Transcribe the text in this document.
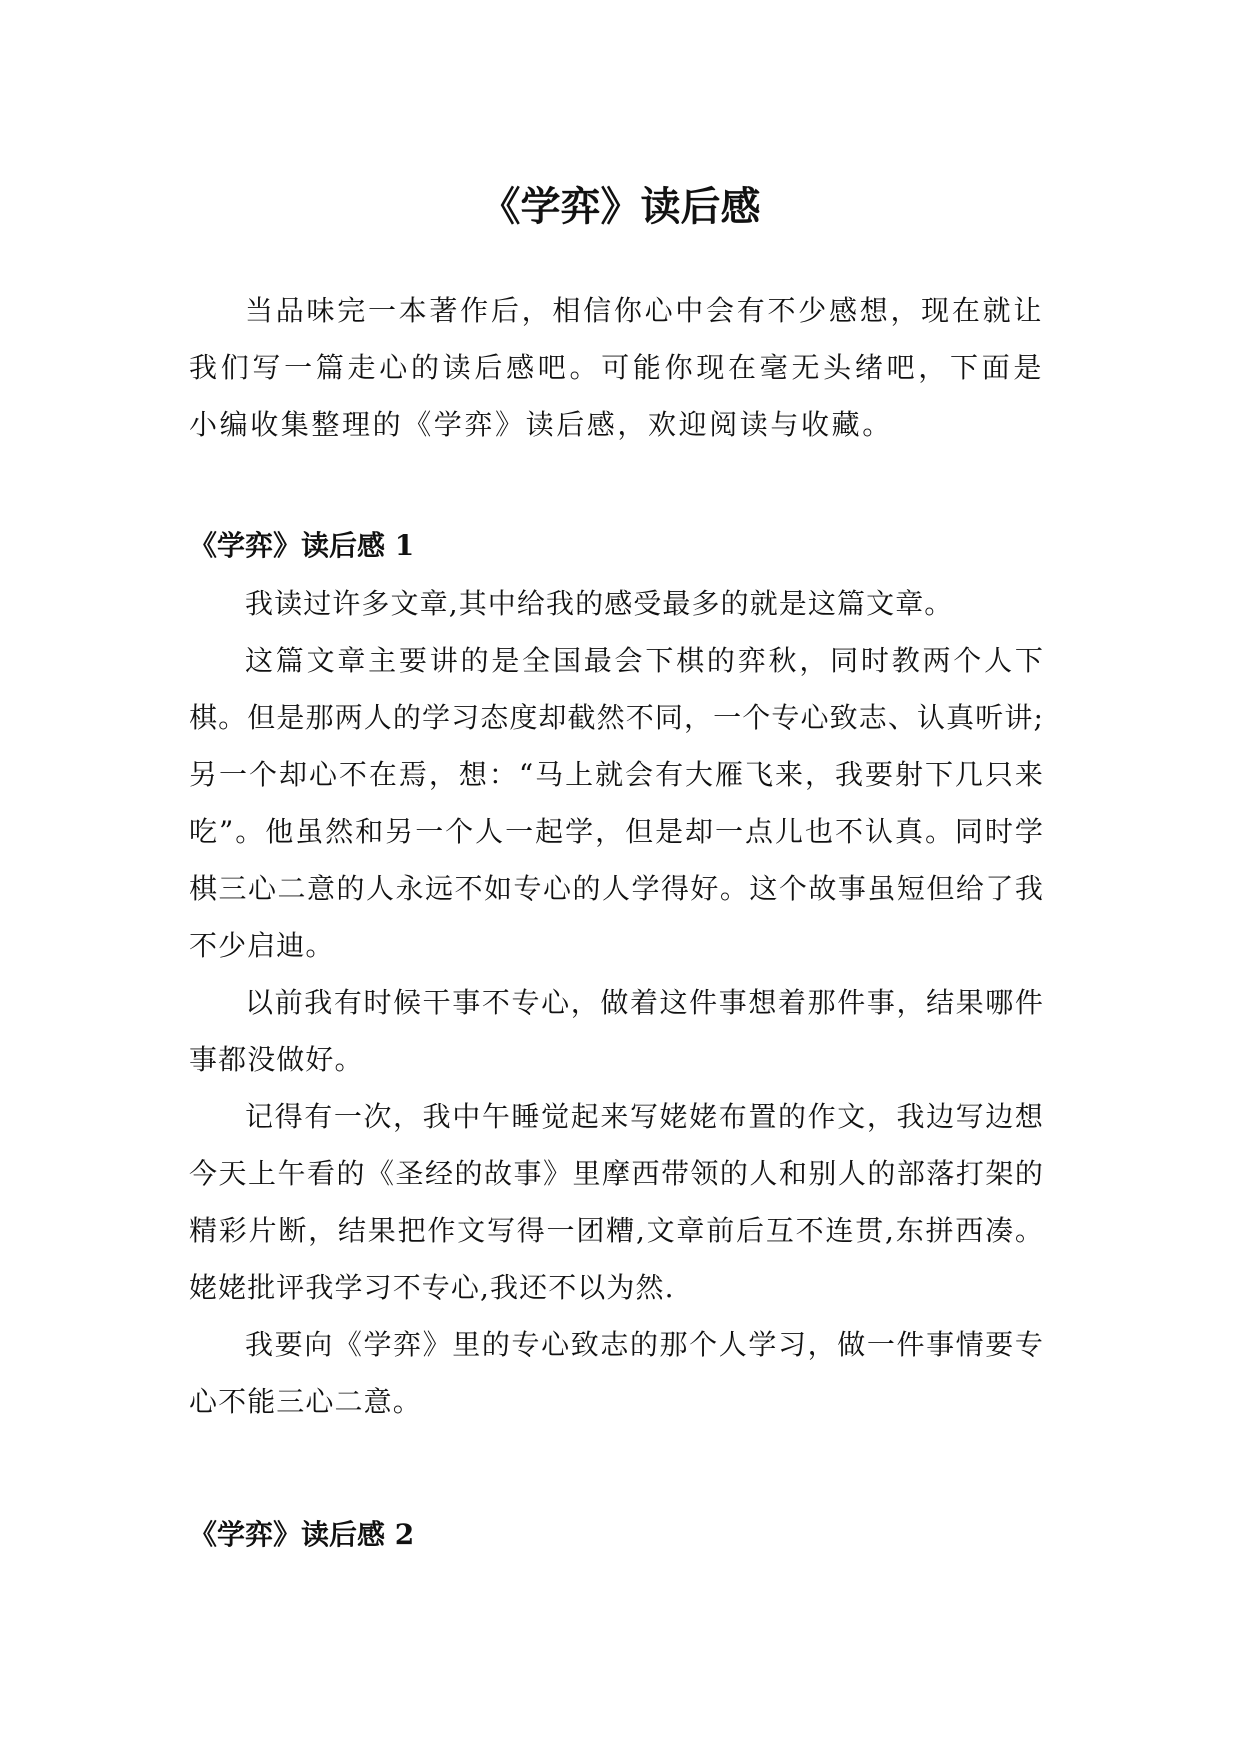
《学弈》读后感

当品味完一本著作后，相信你心中会有不少感想，现在就让我们写一篇走心的读后感吧。可能你现在毫无头绪吧，下面是小编收集整理的《学弈》读后感，欢迎阅读与收藏。

《学弈》读后感 1

我读过许多文章,其中给我的感受最多的就是这篇文章。

这篇文章主要讲的是全国最会下棋的弈秋，同时教两个人下棋。但是那两人的学习态度却截然不同，一个专心致志、认真听讲;另一个却心不在焉，想：“马上就会有大雁飞来，我要射下几只来吃”。他虽然和另一个人一起学，但是却一点儿也不认真。同时学棋三心二意的人永远不如专心的人学得好。这个故事虽短但给了我不少启迪。

以前我有时候干事不专心，做着这件事想着那件事，结果哪件事都没做好。

记得有一次，我中午睡觉起来写姥姥布置的作文，我边写边想今天上午看的《圣经的故事》里摩西带领的人和别人的部落打架的精彩片断，结果把作文写得一团糟,文章前后互不连贯,东拼西凑。姥姥批评我学习不专心,我还不以为然.

我要向《学弈》里的专心致志的那个人学习，做一件事情要专心不能三心二意。

《学弈》读后感 2
